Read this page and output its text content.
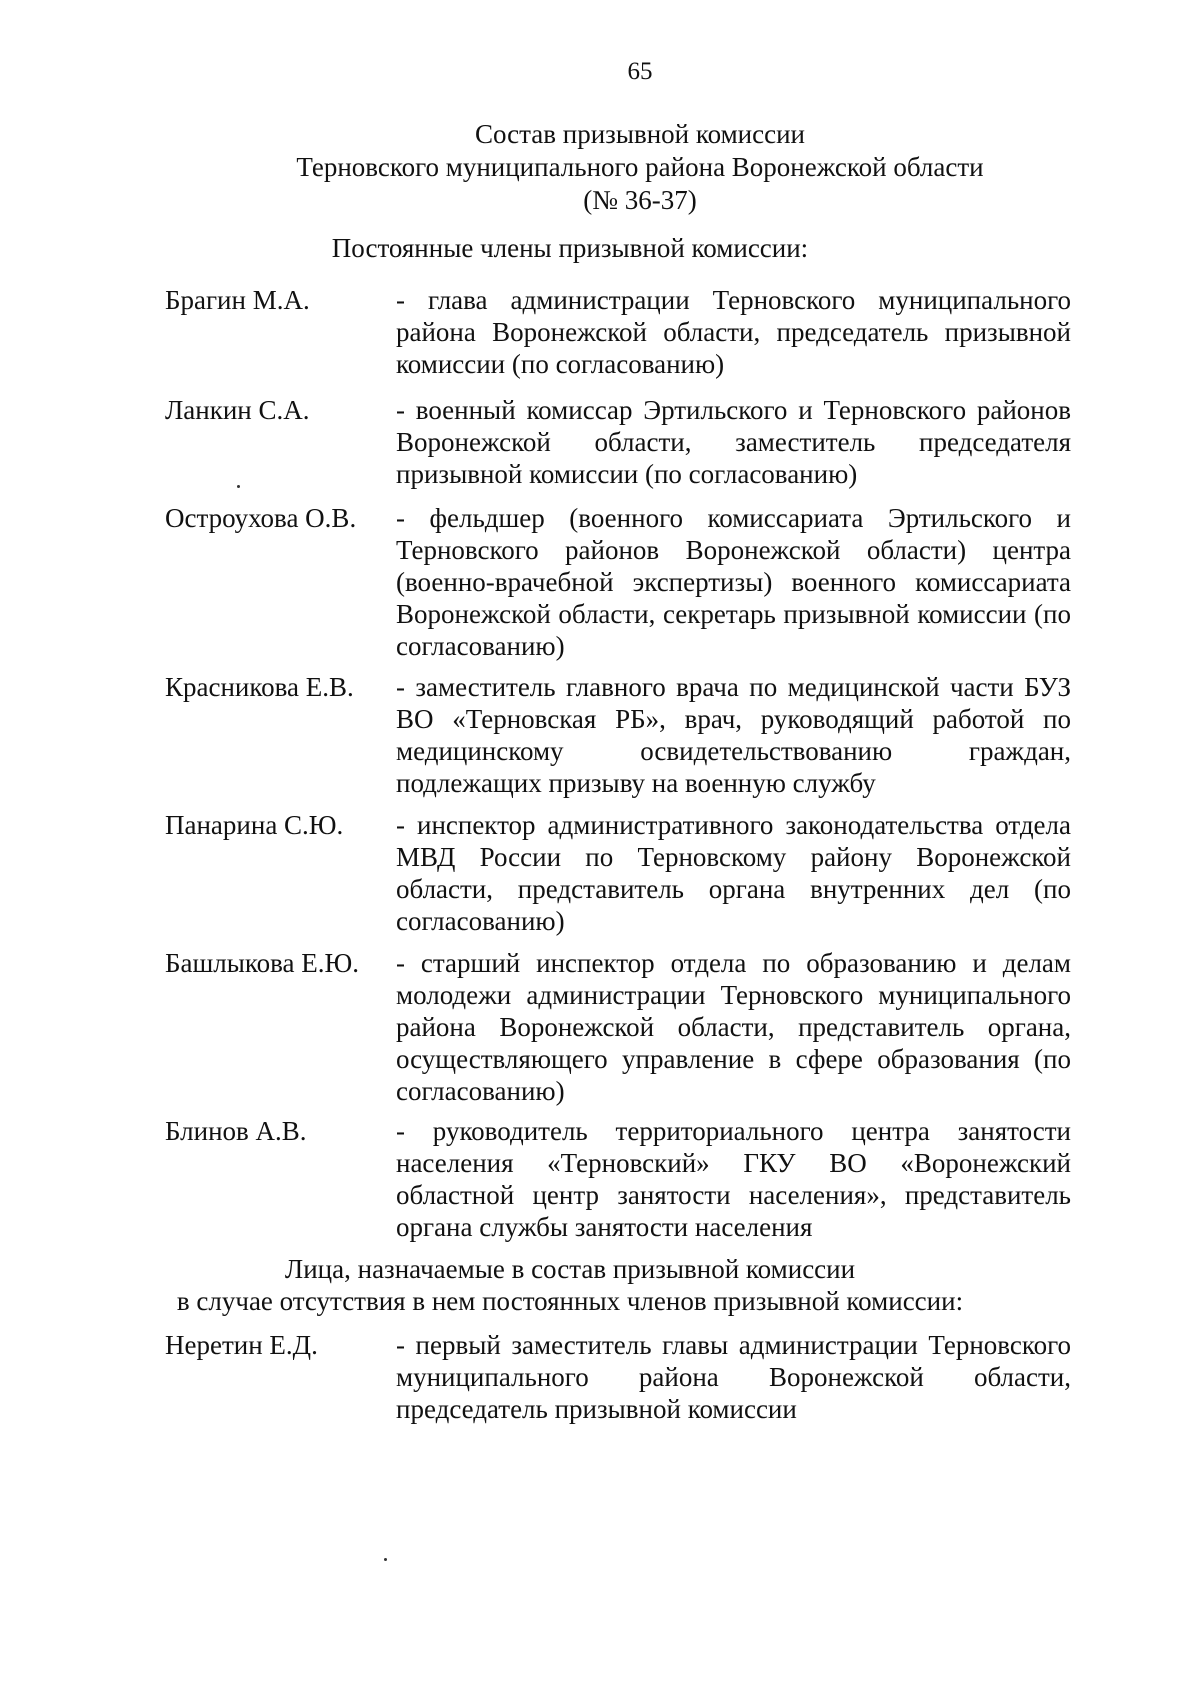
65
Состав призывной комиссии
Терновского муниципального района Воронежской области
(№ 36-37)
Постоянные члены призывной комиссии:
Брагин М.А.	- глава администрации Терновского муниципального района Воронежской области, председатель призывной комиссии (по согласованию)
Ланкин С.А.	- военный комиссар Эртильского и Терновского районов Воронежской области, заместитель председателя призывной комиссии (по согласованию)
Остроухова О.В. - фельдшер (военного комиссариата Эртильского и Терновского районов Воронежской области) центра (военно-врачебной экспертизы) военного комиссариата Воронежской области, секретарь призывной комиссии (по согласованию)
Красникова Е.В. - заместитель главного врача по медицинской части БУЗ ВО «Терновская РБ», врач, руководящий работой по медицинскому освидетельствованию граждан, подлежащих призыву на военную службу
Панарина С.Ю. - инспектор административного законодательства отдела МВД России по Терновскому району Воронежской области, представитель органа внутренних дел (по согласованию)
Башлыкова Е.Ю. - старший инспектор отдела по образованию и делам молодежи администрации Терновского муниципального района Воронежской области, представитель органа, осуществляющего управление в сфере образования (по согласованию)
Блинов А.В.	- руководитель территориального центра занятости населения «Терновский» ГКУ ВО «Воронежский областной центр занятости населения», представитель органа службы занятости населения
Лица, назначаемые в состав призывной комиссии
в случае отсутствия в нем постоянных членов призывной комиссии:
Неретин Е.Д.	- первый заместитель главы администрации Терновского муниципального района Воронежской области, председатель призывной комиссии
